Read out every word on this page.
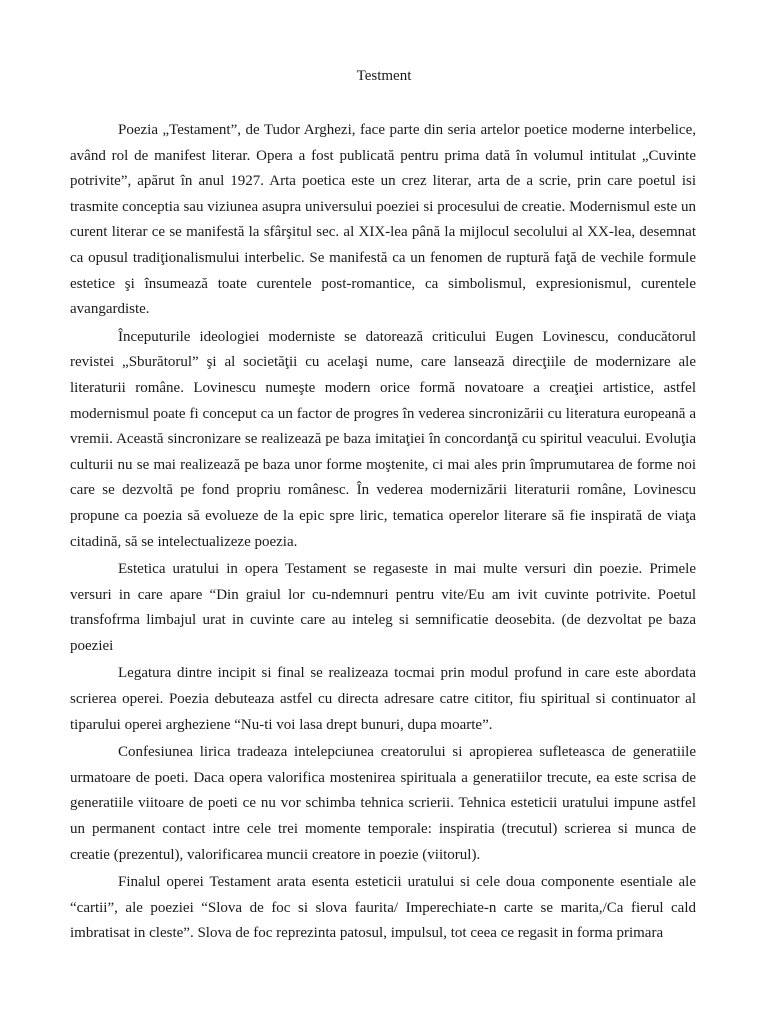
Testment

Poezia „Testament”, de Tudor Arghezi, face parte din seria artelor poetice moderne interbelice, având rol de manifest literar. Opera a fost publicată pentru prima dată în volumul intitulat „Cuvinte potrivite”, apărut în anul 1927. Arta poetica este un crez literar, arta de a scrie, prin care poetul isi trasmite conceptia sau viziunea asupra universului poeziei si procesului de creatie. Modernismul este un curent literar ce se manifestă la sfârşitul sec. al XIX-lea până la mijlocul secolului al XX-lea, desemnat ca opusul tradiţionalismului interbelic. Se manifestă ca un fenomen de ruptură faţă de vechile formule estetice şi însumează toate curentele post-romantice, ca simbolismul, expresionismul, curentele avangardiste.

Începuturile ideologiei moderniste se datorează criticului Eugen Lovinescu, conducătorul revistei „Sburătorul” şi al societăţii cu acelaşi nume, care lansează direcţiile de modernizare ale literaturii române. Lovinescu numeşte modern orice formă novatoare a creaţiei artistice, astfel modernismul poate fi conceput ca un factor de progres în vederea sincronizării cu literatura europeană a vremii. Această sincronizare se realizează pe baza imitaţiei în concordanţă cu spiritul veacului. Evoluţia culturii nu se mai realizează pe baza unor forme moştenite, ci mai ales prin împrumutarea de forme noi care se dezvoltă pe fond propriu românesc. În vederea modernizării literaturii române, Lovinescu propune ca poezia să evolueze de la epic spre liric, tematica operelor literare să fie inspirată de viaţa citadină, să se intelectualizeze poezia.

Estetica uratului in opera Testament se regaseste in mai multe versuri din poezie. Primele versuri in care apare “Din graiul lor cu-ndemnuri pentru vite/Eu am ivit cuvinte potrivite. Poetul transfofrma limbajul urat in cuvinte care au inteleg si semnificatie deosebita. (de dezvoltat pe baza poeziei

Legatura dintre incipit si final se realizeaza tocmai prin modul profund in care este abordata scrierea operei. Poezia debuteaza astfel cu directa adresare catre cititor, fiu spiritual si continuator al tiparului operei argheziene “Nu-ti voi lasa drept bunuri, dupa moarte”.

Confesiunea lirica tradeaza intelepciunea creatorului si apropierea sufleteasca de generatiile urmatoare de poeti. Daca opera valorifica mostenirea spirituala a generatiilor trecute, ea este scrisa de generatiile viitoare de poeti ce nu vor schimba tehnica scrierii. Tehnica esteticii uratului impune astfel un permanent contact intre cele trei momente temporale: inspiratia (trecutul) scrierea si munca de creatie (prezentul), valorificarea muncii creatore in poezie (viitorul).

Finalul operei Testament arata esenta esteticii uratului si cele doua componente esentiale ale “cartii”, ale poeziei “Slova de foc si slova faurita/ Imperechiate-n carte se marita,/Ca fierul cald imbratisat in cleste”. Slova de foc reprezinta patosul, impulsul, tot ceea ce regasit in forma primara
